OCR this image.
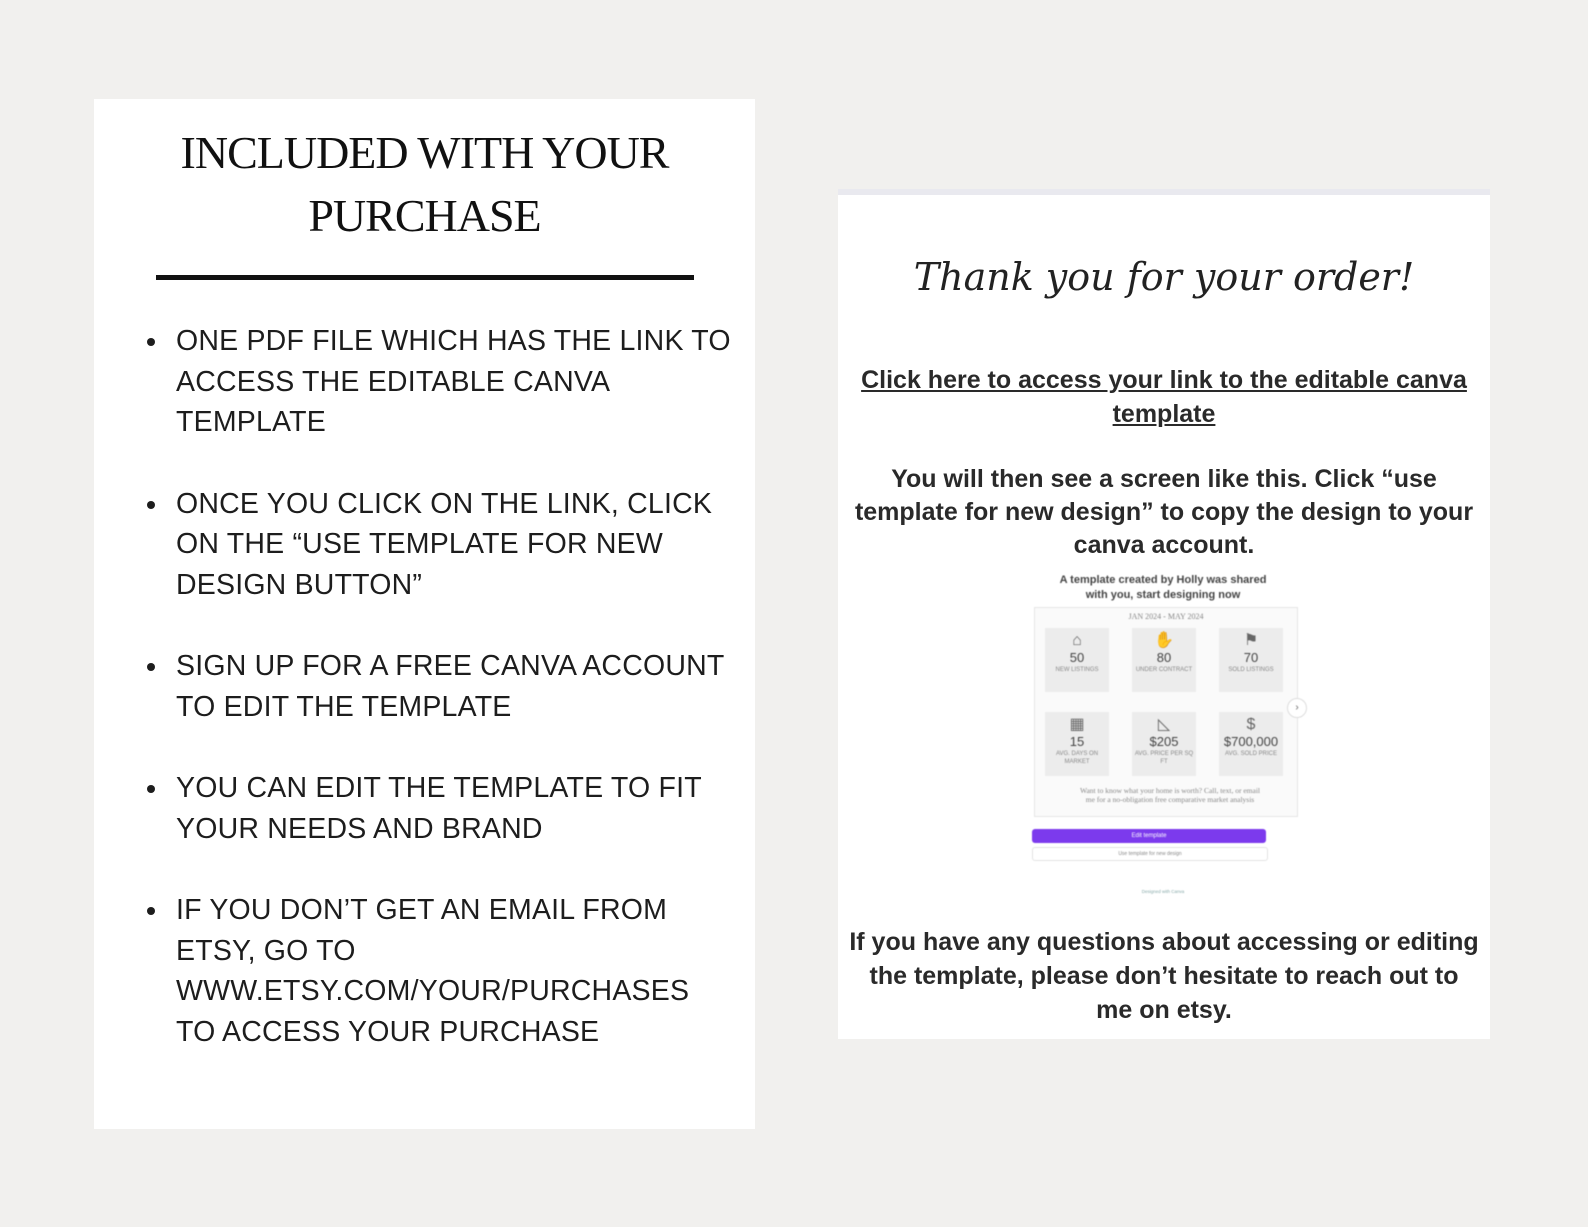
INCLUDED WITH YOUR
PURCHASE
ONE PDF FILE WHICH HAS THE LINK TO ACCESS THE EDITABLE CANVA TEMPLATE
ONCE YOU CLICK ON THE LINK, CLICK ON THE “USE TEMPLATE FOR NEW DESIGN BUTTON”
SIGN UP FOR A FREE CANVA ACCOUNT TO EDIT THE TEMPLATE
YOU CAN EDIT THE TEMPLATE TO FIT YOUR NEEDS AND BRAND
IF YOU DON’T GET AN EMAIL FROM ETSY, GO TO WWW.ETSY.COM/YOUR/PURCHASES TO ACCESS YOUR PURCHASE
Thank you for your order!
Click here to access your link to the editable canva template
You will then see a screen like this. Click “use template for new design” to copy the design to your canva account.
A template created by Holly was shared
with you, start designing now
JAN 2024 - MAY 2024
⌂
50
NEW LISTINGS
✋
80
UNDER CONTRACT
⚑
70
SOLD LISTINGS
›
▦
15
AVG. DAYS ON MARKET
◺
$205
AVG. PRICE PER SQ FT
$
$700,000
AVG. SOLD PRICE
Want to know what your home is worth? Call, text, or email me for a no-obligation free comparative market analysis
Edit template
Use template for new design
Designed with Canva
If you have any questions about accessing or editing the template, please don’t hesitate to reach out to me on etsy.
